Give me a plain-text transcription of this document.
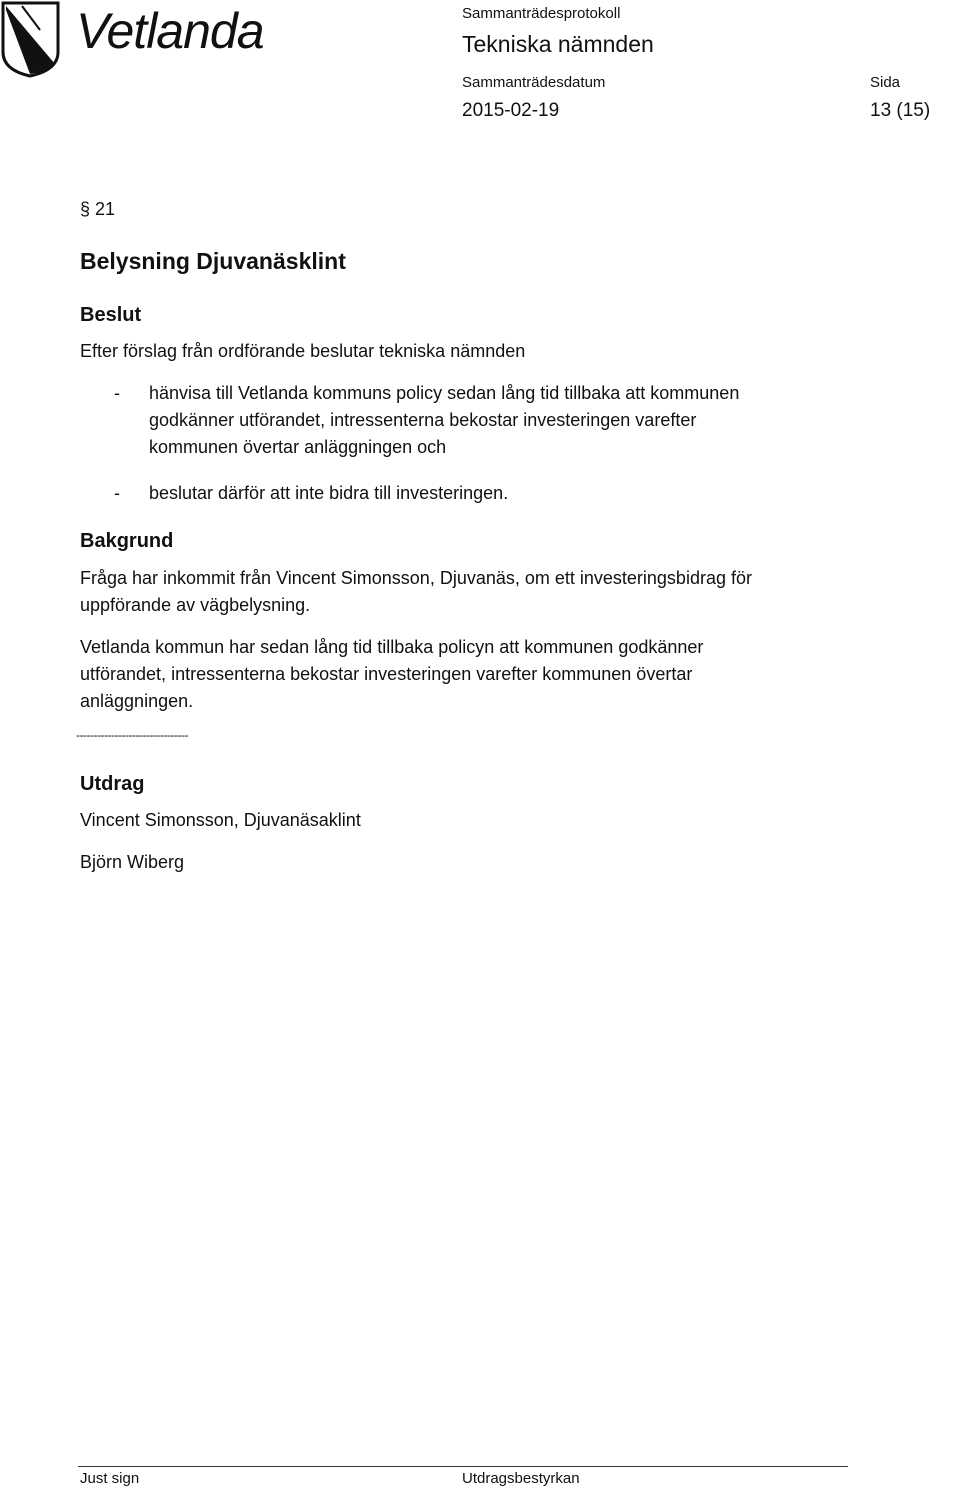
Vetlanda	Sammanträdesprotokoll
Tekniska nämnden
Sammanträdesdatum	Sida
2015-02-19	13 (15)
§ 21
Belysning Djuvanäsklint
Beslut
Efter förslag från ordförande beslutar tekniska nämnden
-	hänvisa till Vetlanda kommuns policy sedan lång tid tillbaka att kommunen
godkänner utförandet, intressenterna bekostar investeringen varefter
kommunen övertar anläggningen och
-	beslutar därför att inte bidra till investeringen.
Bakgrund
Fråga har inkommit från Vincent Simonsson, Djuvanäs, om ett investeringsbidrag för
uppförande av vägbelysning.
Vetlanda kommun har sedan lång tid tillbaka policyn att kommunen godkänner
utförandet, intressenterna bekostar investeringen varefter kommunen övertar
anläggningen.
--------------------------------
Utdrag
Vincent Simonsson, Djuvanäsaklint
Björn Wiberg
Just sign	Utdragsbestyrkan
